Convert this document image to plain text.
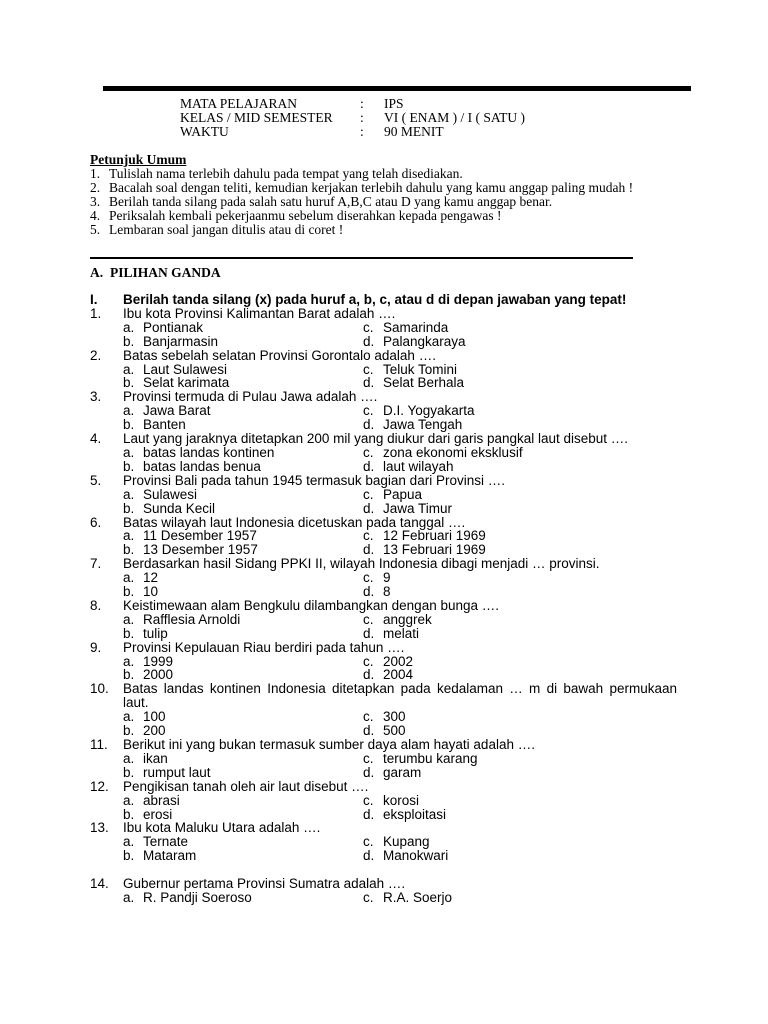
MATA PELAJARAN	:	IPS
KELAS / MID SEMESTER	:	VI ( ENAM ) / I ( SATU )
WAKTU	:	90 MENIT
Petunjuk Umum
1. Tulislah nama terlebih dahulu pada tempat yang telah disediakan.
2. Bacalah soal dengan teliti, kemudian kerjakan terlebih dahulu yang kamu anggap paling mudah !
3. Berilah tanda silang pada salah satu huruf A,B,C atau D yang kamu anggap benar.
4. Periksalah kembali pekerjaanmu sebelum diserahkan kepada pengawas !
5. Lembaran soal jangan ditulis atau di coret !
A. PILIHAN GANDA
I.	Berilah tanda silang (x) pada huruf a, b, c, atau d di depan jawaban yang tepat!
1.	Ibu kota Provinsi Kalimantan Barat adalah ….
a. Pontianak	c. Samarinda
b. Banjarmasin	d. Palangkaraya
2.	Batas sebelah selatan Provinsi Gorontalo adalah ….
a. Laut Sulawesi	c. Teluk Tomini
b. Selat karimata	d. Selat Berhala
3.	Provinsi termuda di Pulau Jawa adalah ….
a. Jawa Barat	c. D.I. Yogyakarta
b. Banten	d. Jawa Tengah
4.	Laut yang jaraknya ditetapkan 200 mil yang diukur dari garis pangkal laut disebut ….
a. batas landas kontinen	c. zona ekonomi eksklusif
b. batas landas benua	d. laut wilayah
5.	Provinsi Bali pada tahun 1945 termasuk bagian dari Provinsi ….
a. Sulawesi	c. Papua
b. Sunda Kecil	d. Jawa Timur
6.	Batas wilayah laut Indonesia dicetuskan pada tanggal ….
a. 11 Desember 1957	c. 12 Februari 1969
b. 13 Desember 1957	d. 13 Februari 1969
7.	Berdasarkan hasil Sidang PPKI II, wilayah Indonesia dibagi menjadi … provinsi.
a. 12	c. 9
b. 10	d. 8
8.	Keistimewaan alam Bengkulu dilambangkan dengan bunga ….
a. Rafflesia Arnoldi	c. anggrek
b. tulip	d. melati
9.	Provinsi Kepulauan Riau berdiri pada tahun ….
a. 1999	c. 2002
b. 2000	d. 2004
10.	Batas landas kontinen Indonesia ditetapkan pada kedalaman … m di bawah permukaan laut.
a. 100	c. 300
b. 200	d. 500
11.	Berikut ini yang bukan termasuk sumber daya alam hayati adalah ….
a. ikan	c. terumbu karang
b. rumput laut	d. garam
12.	Pengikisan tanah oleh air laut disebut ….
a. abrasi	c. korosi
b. erosi	d. eksploitasi
13.	Ibu kota Maluku Utara adalah ….
a. Ternate	c. Kupang
b. Mataram	d. Manokwari
14.	Gubernur pertama Provinsi Sumatra adalah ….
a. R. Pandji Soeroso	c. R.A. Soerjo
